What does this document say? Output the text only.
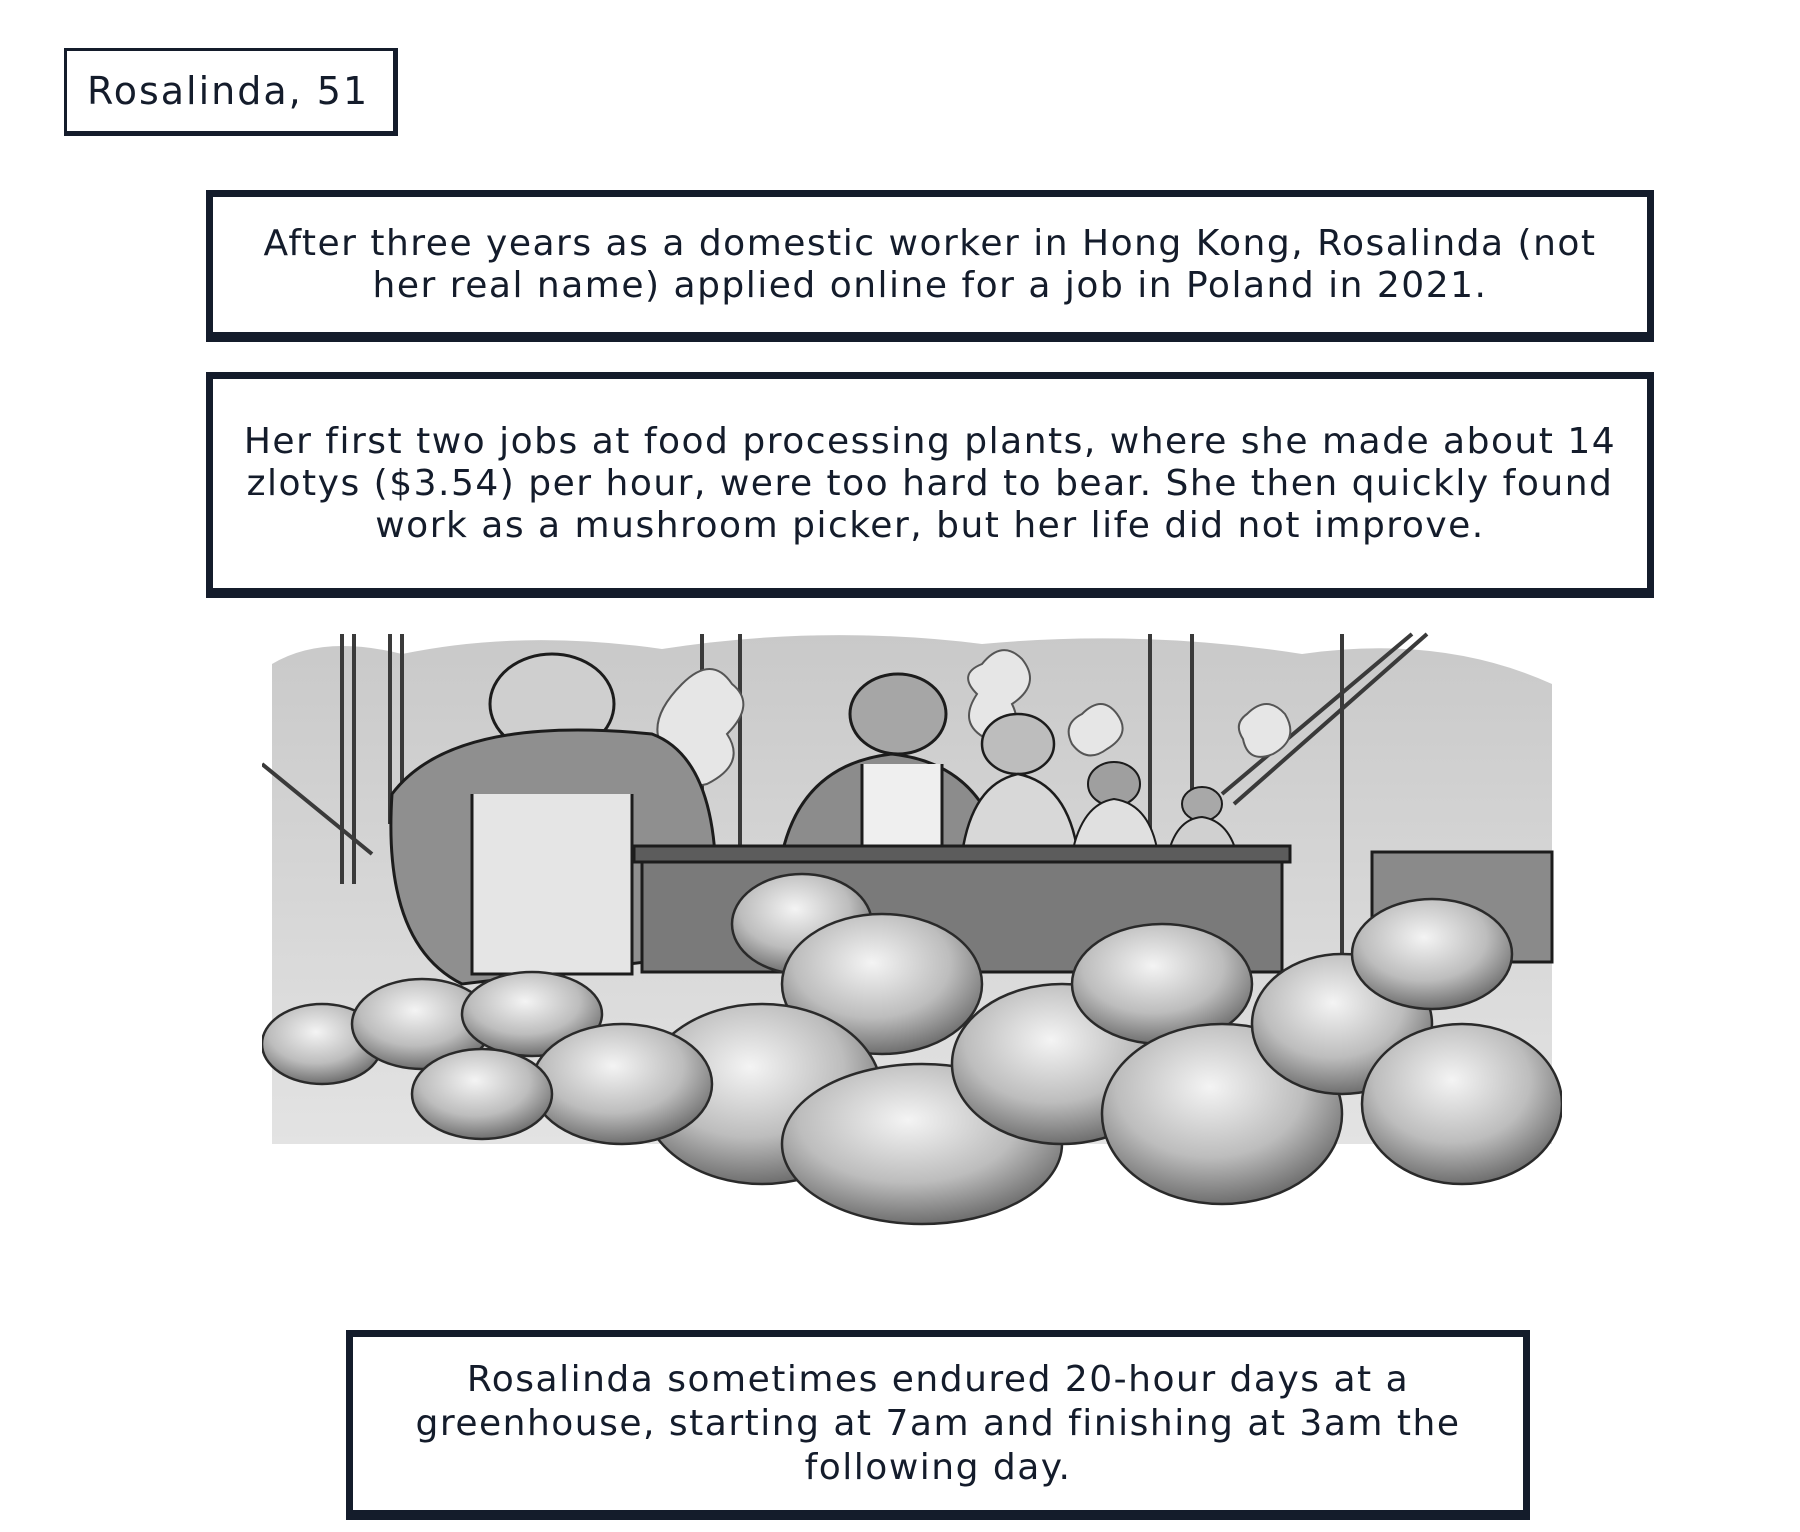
Rosalinda, 51
After three years as a domestic worker in Hong Kong, Rosalinda (not her real name) applied online for a job in Poland in 2021.
Her first two jobs at food processing plants, where she made about 14 zlotys ($3.54) per hour, were too hard to bear. She then quickly found work as a mushroom picker, but her life did not improve.
Rosalinda sometimes endured 20-hour days at a greenhouse, starting at 7am and finishing at 3am the following day.
